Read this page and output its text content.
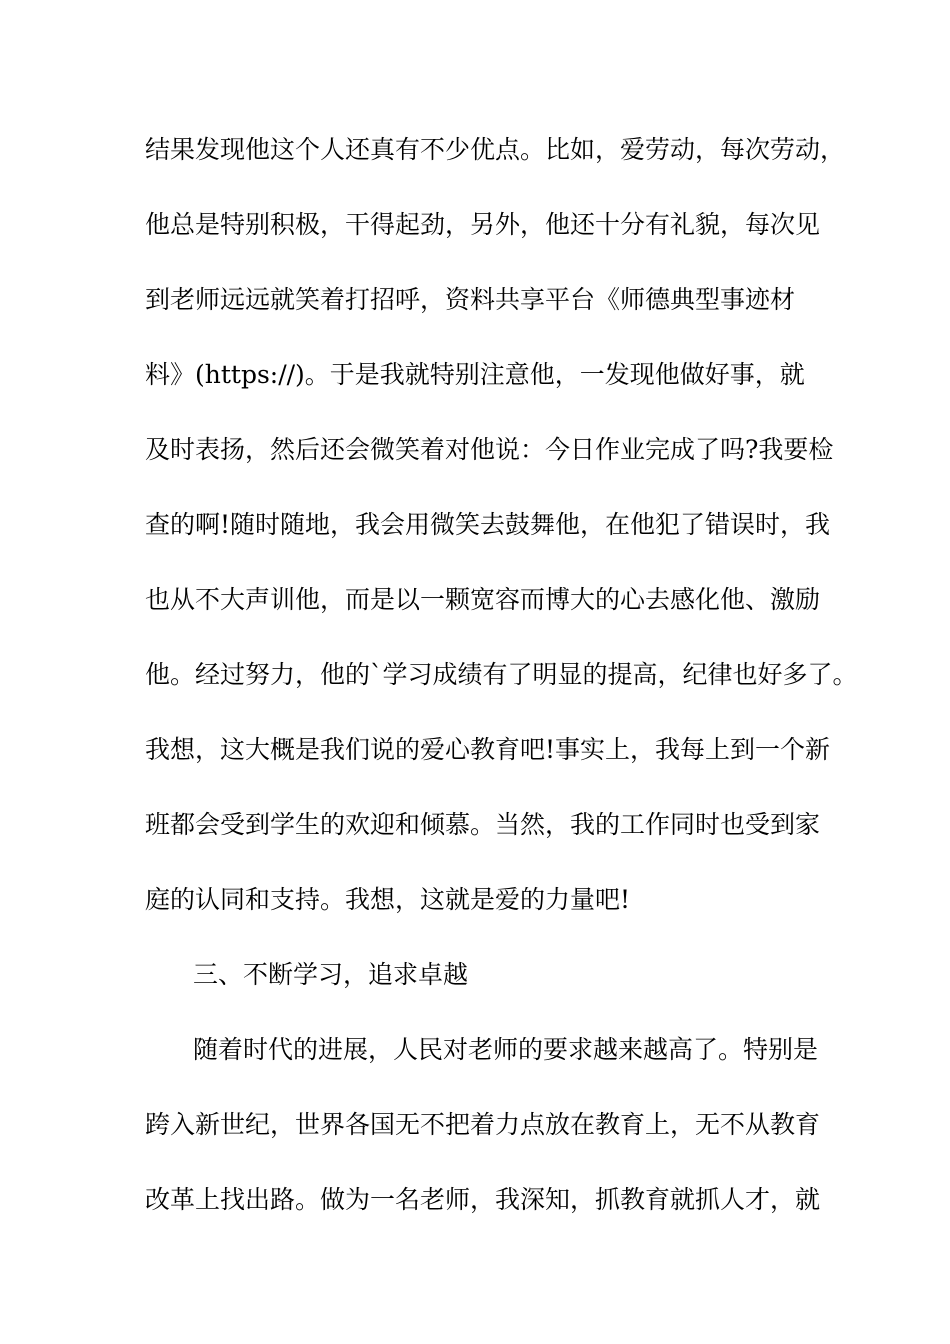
结果发现他这个人还真有不少优点。比如，爱劳动，每次劳动，
他总是特别积极，干得起劲，另外，他还十分有礼貌，每次见
到老师远远就笑着打招呼，资料共享平台《师德典型事迹材
料》(https://)。于是我就特别注意他，一发现他做好事，就
及时表扬，然后还会微笑着对他说：今日作业完成了吗?我要检
查的啊!随时随地，我会用微笑去鼓舞他，在他犯了错误时，我
也从不大声训他，而是以一颗宽容而博大的心去感化他、激励
他。经过努力，他的`学习成绩有了明显的提高，纪律也好多了。
我想，这大概是我们说的爱心教育吧!事实上，我每上到一个新
班都会受到学生的欢迎和倾慕。当然，我的工作同时也受到家
庭的认同和支持。我想，这就是爱的力量吧!
三、不断学习，追求卓越
随着时代的进展，人民对老师的要求越来越高了。特别是
跨入新世纪，世界各国无不把着力点放在教育上，无不从教育
改革上找出路。做为一名老师，我深知，抓教育就抓人才，就
